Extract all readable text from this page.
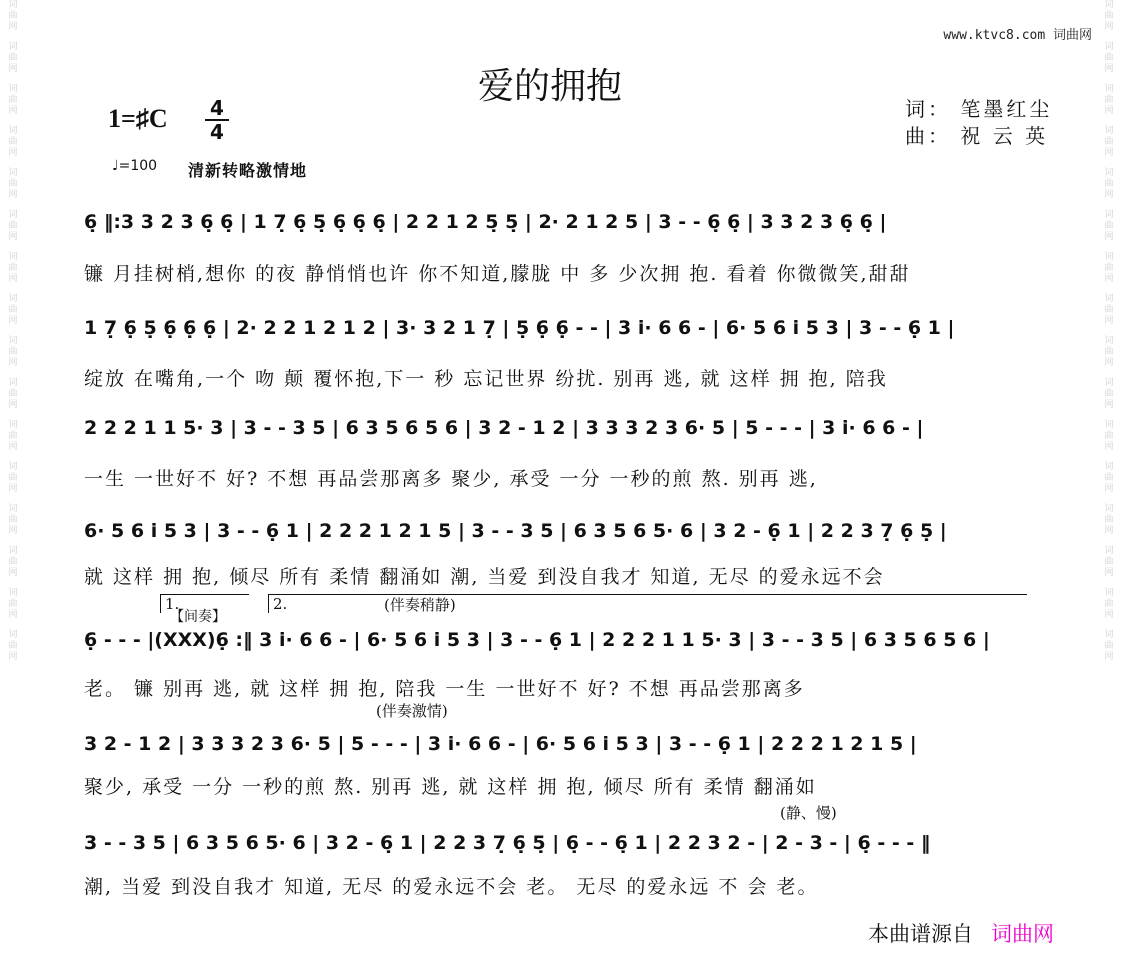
词
曲
网
词
曲
网
词
曲
网
词
曲
网
词
曲
网
词
曲
网
词
曲
网
词
曲
网
词
曲
网
词
曲
网
词
曲
网
词
曲
网
词
曲
网
词
曲
网
词
曲
网
词
曲
网
词
曲
网
词
曲
网
词
曲
网
词
曲
网
词
曲
网
词
曲
网
词
曲
网
词
曲
网
词
曲
网
词
曲
网
词
曲
网
词
曲
网
词
曲
网
词
曲
网
词
曲
网
词
曲
网
www.ktvc8.com 词曲网
爱的拥抱
1=♯C 4
4
词： 笔墨红尘
曲： 祝 云 英
♩=100 清新转略激情地
6̣ ‖:3 3 2 3 6̣ 6̣ | 1 7̣ 6̣ 5̣ 6̣ 6̣ 6̣ | 2 2 1 2 5̣ 5̣ | 2· 2 1 2 5 | 3 - - 6̣ 6̣ | 3 3 2 3 6̣ 6̣ |
镰 月挂树梢,想你 的夜 静悄悄也许 你不知道,朦胧 中 多 少次拥 抱. 看着 你微微笑,甜甜
1 7̣ 6̣ 5̣ 6̣ 6̣ 6̣ | 2· 2 2 1 2 1 2 | 3· 3 2 1 7̣ | 5̣ 6̣ 6̣ - - | 3 i· 6 6 - | 6· 5 6 i 5 3 | 3 - - 6̣ 1 |
绽放 在嘴角,一个 吻 颠 覆怀抱,下一 秒 忘记世界 纷扰. 别再 逃, 就 这样 拥 抱, 陪我
2 2 2 1 1 5· 3 | 3 - - 3 5 | 6 3 5 6 5 6 | 3 2 - 1 2 | 3 3 3 2 3 6· 5 | 5 - - - | 3 i· 6 6 - |
一生 一世好不 好? 不想 再品尝那离多 聚少, 承受 一分 一秒的煎 熬. 别再 逃,
6· 5 6 i 5 3 | 3 - - 6̣ 1 | 2 2 2 1 2 1 5 | 3 - - 3 5 | 6 3 5 6 5· 6 | 3 2 - 6̣ 1 | 2 2 3 7̣ 6̣ 5̣ |
就 这样 拥 抱, 倾尽 所有 柔情 翻涌如 潮, 当爱 到没自我才 知道, 无尽 的爱永远不会
1.
【间奏】
2.	(伴奏稍静)
6̣ - - - |(XXX)6̣ :‖ 3 i· 6 6 - | 6· 5 6 i 5 3 | 3 - - 6̣ 1 | 2 2 2 1 1 5· 3 | 3 - - 3 5 | 6 3 5 6 5 6 |
老。 镰 别再 逃, 就 这样 拥 抱, 陪我 一生 一世好不 好? 不想 再品尝那离多
(伴奏激情)
3 2 - 1 2 | 3 3 3 2 3 6· 5 | 5 - - - | 3 i· 6 6 - | 6· 5 6 i 5 3 | 3 - - 6̣ 1 | 2 2 2 1 2 1 5 |
聚少, 承受 一分 一秒的煎 熬. 别再 逃, 就 这样 拥 抱, 倾尽 所有 柔情 翻涌如
(静、慢)
3 - - 3 5 | 6 3 5 6 5· 6 | 3 2 - 6̣ 1 | 2 2 3 7̣ 6̣ 5̣ | 6̣ - - 6̣ 1 | 2 2 3 2 - | 2 - 3 - | 6̣ - - - ‖
潮, 当爱 到没自我才 知道, 无尽 的爱永远不会 老。 无尽 的爱永远 不 会 老。
本曲谱源自 词曲网
